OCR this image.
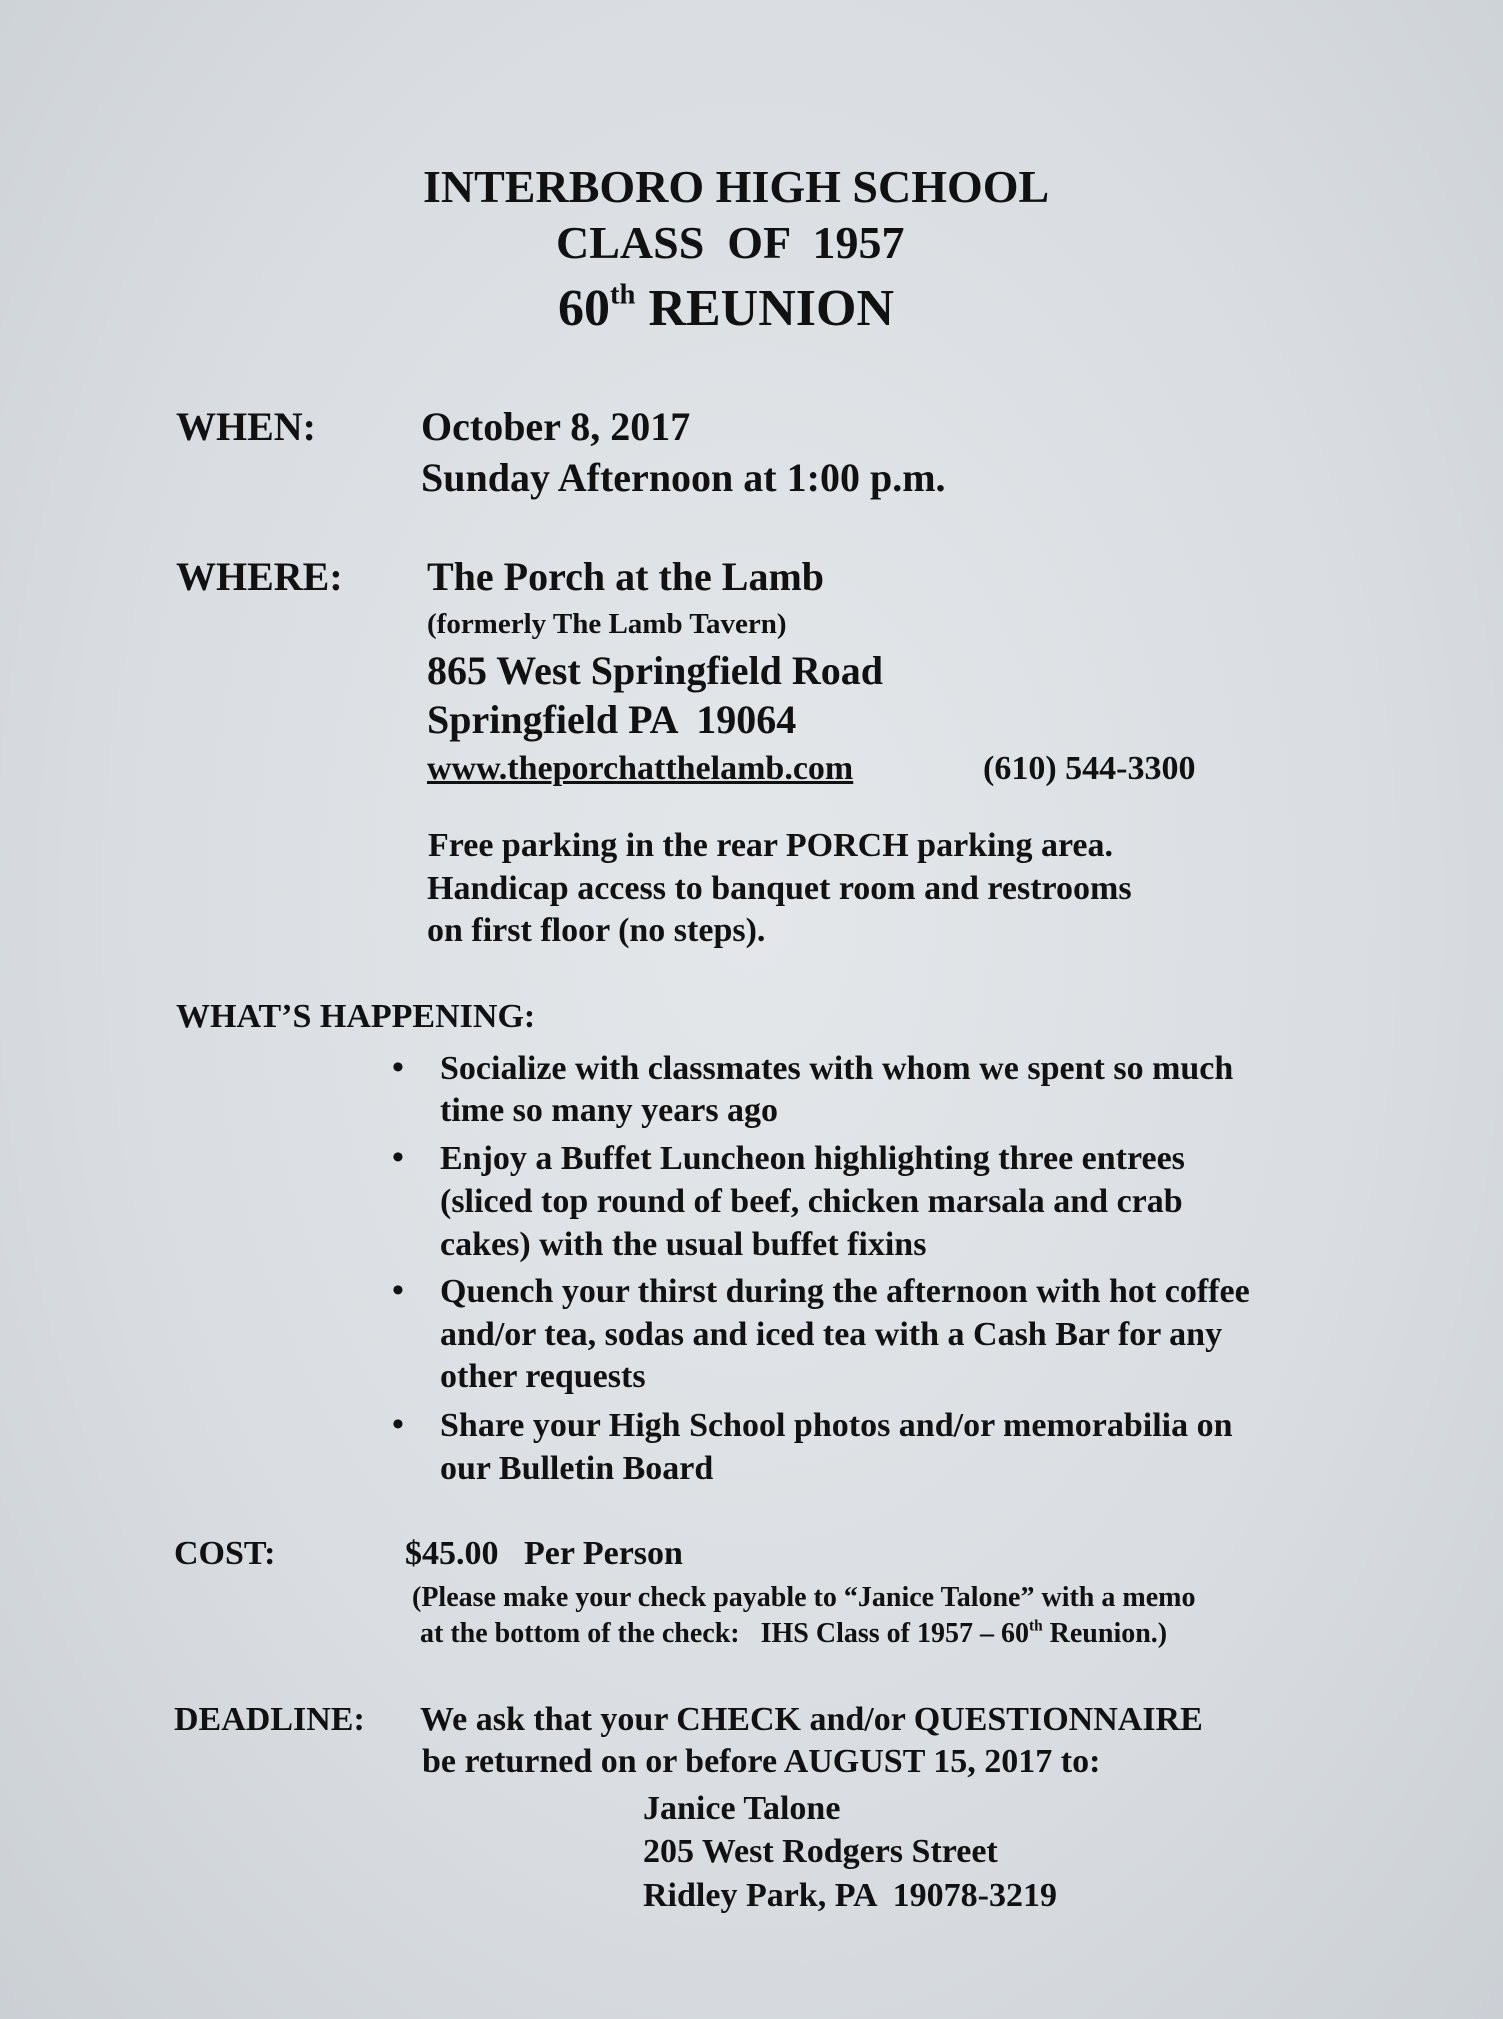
INTERBORO HIGH SCHOOL
CLASS  OF  1957
60th REUNION
WHEN:	October 8, 2017
Sunday Afternoon at 1:00 p.m.
WHERE: The Porch at the Lamb
(formerly The Lamb Tavern)
865 West Springfield Road
Springfield PA  19064
www.theporchatthelamb.com	(610) 544-3300
Free parking in the rear PORCH parking area.
Handicap access to banquet room and restrooms
on first floor (no steps).
WHAT’S HAPPENING:
• Socialize with classmates with whom we spent so much
time so many years ago
• Enjoy a Buffet Luncheon highlighting three entrees
(sliced top round of beef, chicken marsala and crab
cakes) with the usual buffet fixins
• Quench your thirst during the afternoon with hot coffee
and/or tea, sodas and iced tea with a Cash Bar for any
other requests
• Share your High School photos and/or memorabilia on
our Bulletin Board
COST:	$45.00   Per Person
(Please make your check payable to “Janice Talone” with a memo
at the bottom of the check:   IHS Class of 1957 – 60th Reunion.)
DEADLINE: We ask that your CHECK and/or QUESTIONNAIRE
be returned on or before AUGUST 15, 2017 to:
Janice Talone
205 West Rodgers Street
Ridley Park, PA  19078-3219
